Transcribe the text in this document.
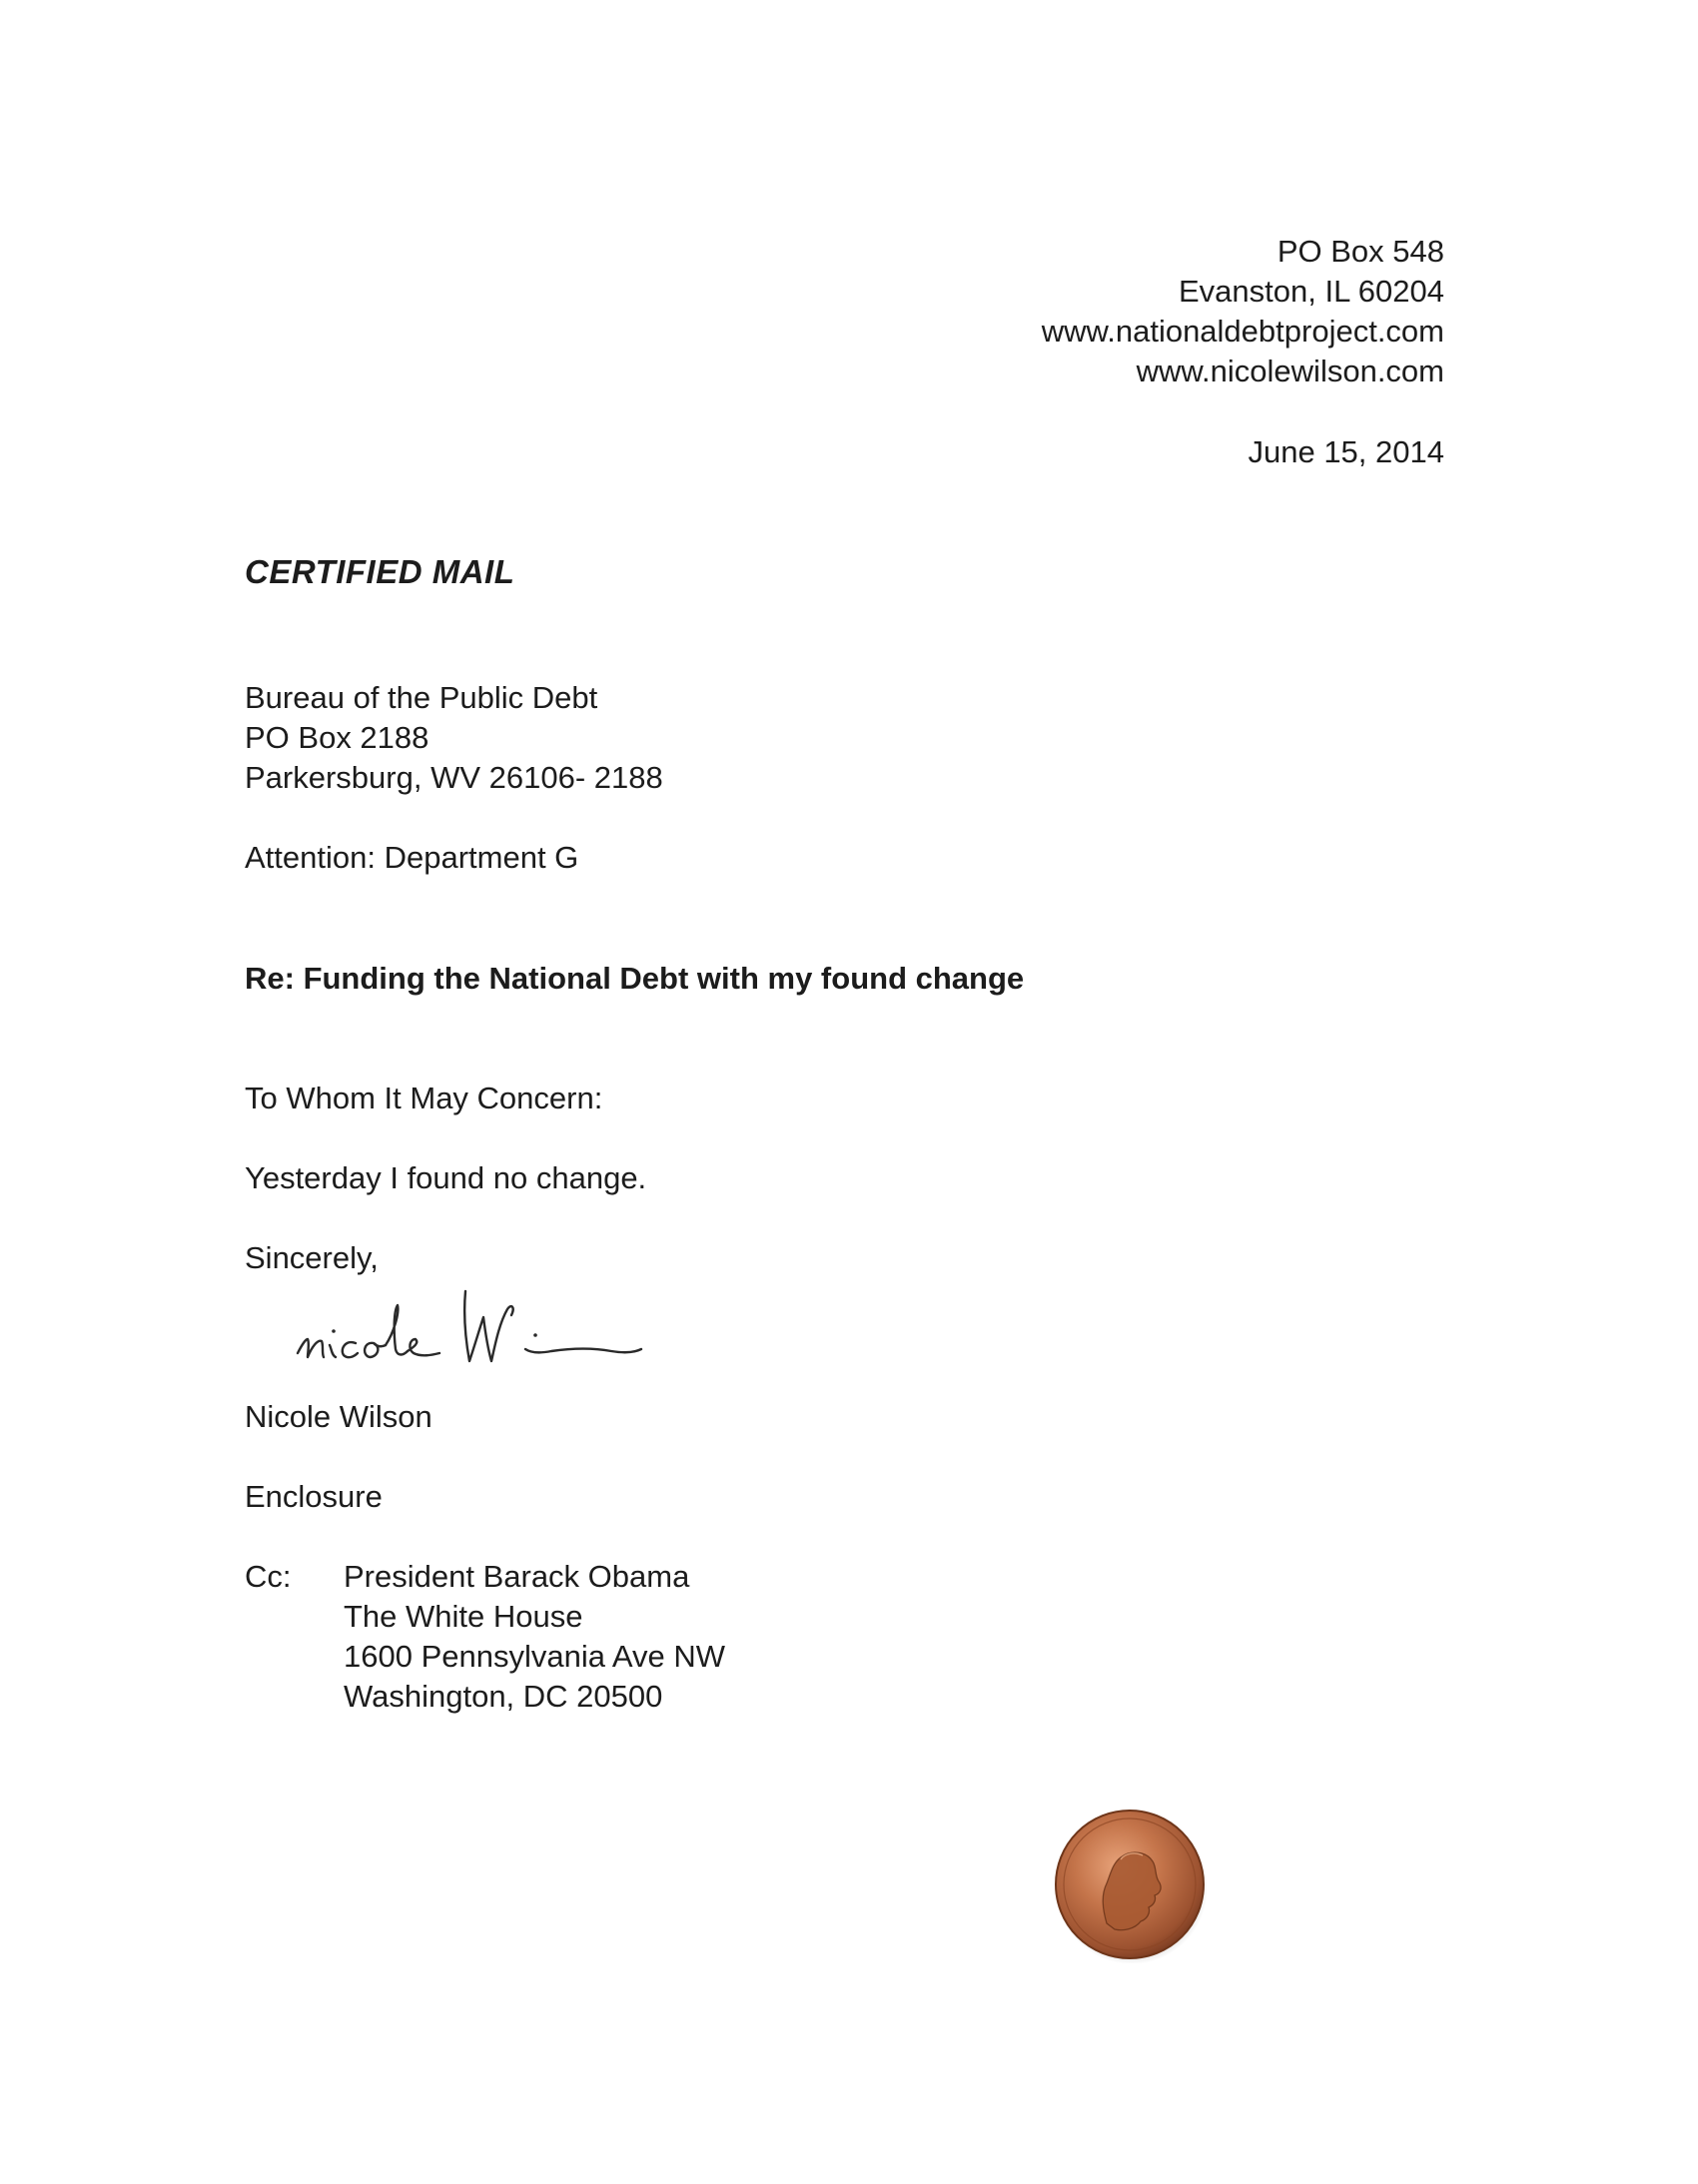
PO Box 548
Evanston, IL 60204
www.nationaldebtproject.com
www.nicolewilson.com
June 15, 2014
CERTIFIED MAIL
Bureau of the Public Debt
PO Box 2188
Parkersburg, WV 26106- 2188
Attention: Department G
Re: Funding the National Debt with my found change
To Whom It May Concern:
Yesterday I found no change.
Sincerely,
Nicole Wilson
Enclosure
Cc: President Barack Obama
The White House
1600 Pennsylvania Ave NW
Washington, DC 20500
